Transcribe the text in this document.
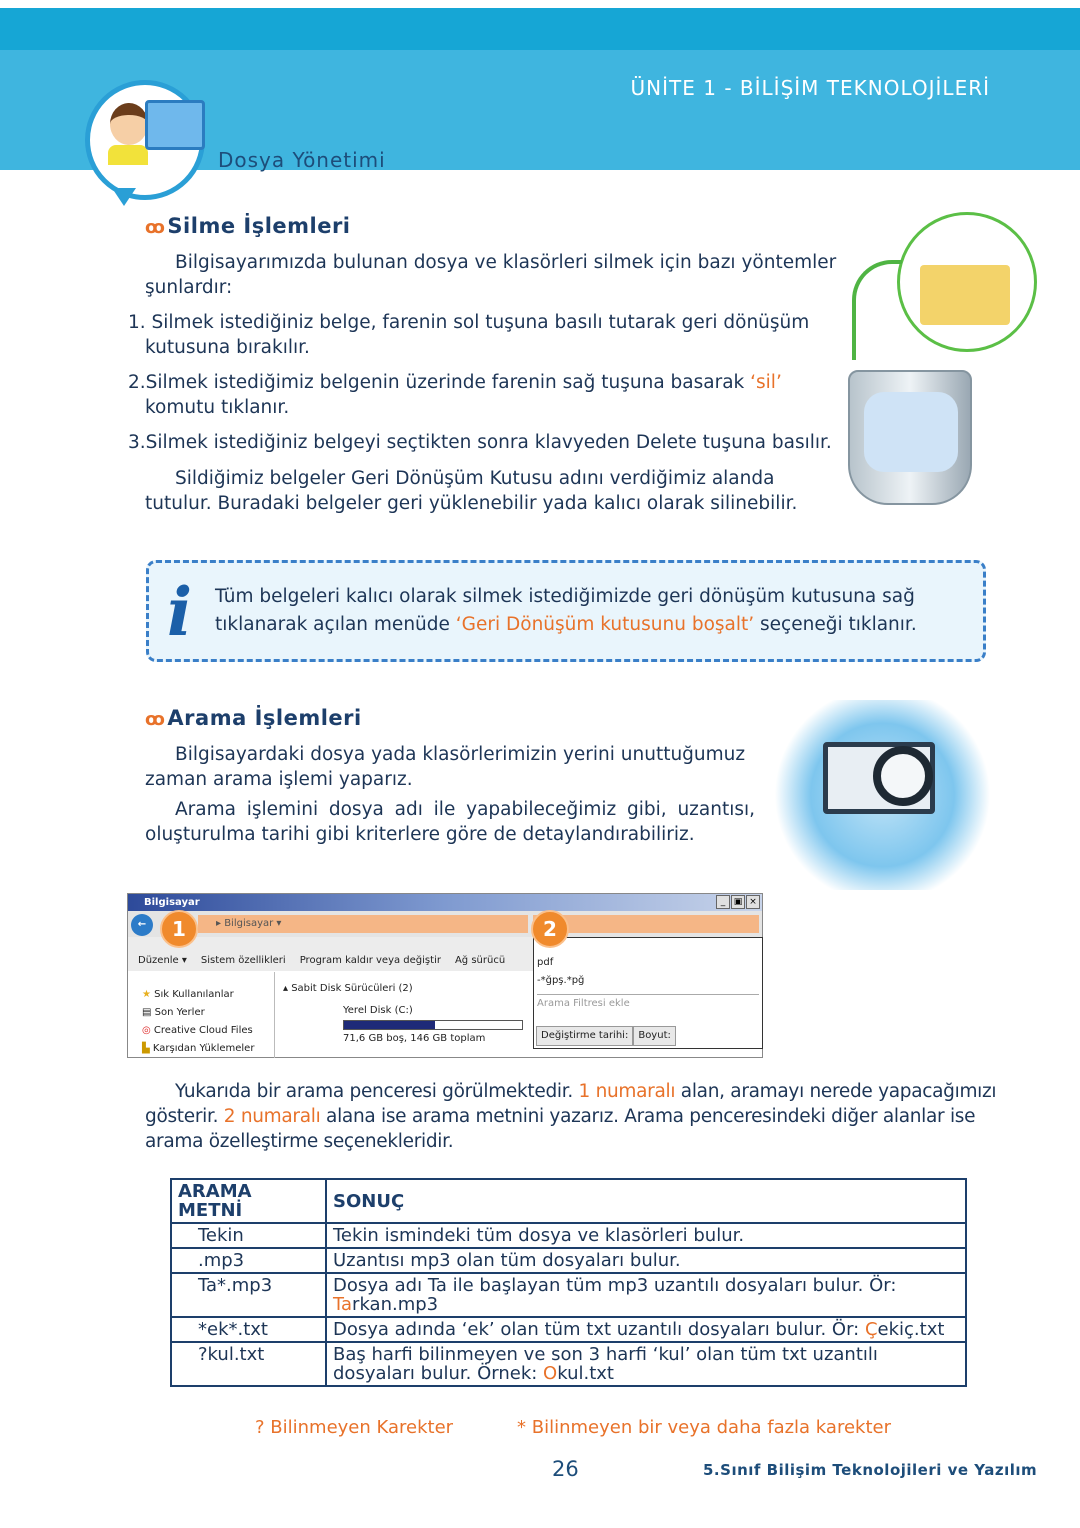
ÜNİTE 1 - BİLİŞİM TEKNOLOJİLERİ
Dosya Yönetimi
ꝏSilme İşlemleri

Bilgisayarımızda bulunan dosya ve klasörleri silmek için bazı yöntemler şunlardır:

1. Silmek istediğiniz belge, farenin sol tuşuna basılı tutarak geri dönüşüm kutusuna bırakılır.

2.Silmek istediğimiz belgenin üzerinde farenin sağ tuşuna basarak ‘sil’ komutu tıklanır.

3.Silmek istediğiniz belgeyi seçtikten sonra klavyeden Delete tuşuna basılır.

Sildiğimiz belgeler Geri Dönüşüm Kutusu adını verdiğimiz alanda tutulur. Buradaki belgeler geri yüklenebilir yada kalıcı olarak silinebilir.

i Tüm belgeleri kalıcı olarak silmek istediğimizde geri dönüşüm kutusuna sağ tıklanarak açılan menüde ‘Geri Dönüşüm kutusunu boşalt’ seçeneği tıklanır.

ꝏArama İşlemleri

Bilgisayardaki dosya yada klasörlerimizin yerini unuttuğumuz zaman arama işlemi yaparız.

Arama işlemini dosya adı ile yapabileceğimiz gibi, uzantısı, oluşturulma tarihi gibi kriterlere göre de detaylandırabiliriz.

Bilgisayar	_ ▣ ×
←	▸ Bilgisayar ▾
Düzenle ▾ Sistem özellikleri Program kaldır veya değiştir Ağ sürücü
★ Sık Kullanılanlar
▤ Son Yerler
◎ Creative Cloud Files
▙ Karşıdan Yüklemeler
▴ Sabit Disk Sürücüleri (2)
Yerel Disk (C:)
71,6 GB boş, 146 GB toplam
pdf
-*ğpş.*pğ
Arama Filtresi ekle
Değiştirme tarihi:	Boyut:
1	2

Yukarıda bir arama penceresi görülmektedir. 1 numaralı alan, aramayı nerede yapacağımızı gösterir. 2 numaralı alana ise arama metnini yazarız. Arama penceresindeki diğer alanlar ise arama özelleştirme seçenekleridir.

ARAMA METNİ	SONUÇ
Tekin	Tekin ismindeki tüm dosya ve klasörleri bulur.
.mp3	Uzantısı mp3 olan tüm dosyaları bulur.
Ta*.mp3	Dosya adı Ta ile başlayan tüm mp3 uzantılı dosyaları bulur. Ör: Tarkan.mp3
*ek*.txt	Dosya adında ‘ek’ olan tüm txt uzantılı dosyaları bulur. Ör: Çekiç.txt
?kul.txt	Baş harfi bilinmeyen ve son 3 harfi ‘kul’ olan tüm txt uzantılı dosyaları bulur. Örnek: Okul.txt
? Bilinmeyen Karekter	* Bilinmeyen bir veya daha fazla karekter
26	5.Sınıf Bilişim Teknolojileri ve Yazılım
